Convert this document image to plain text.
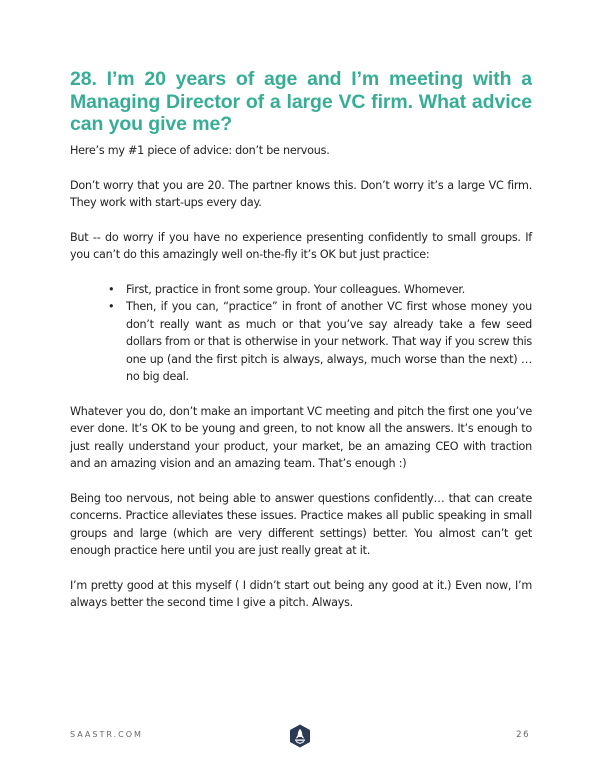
28. I’m 20 years of age and I’m meeting with a Managing Director of a large VC firm. What advice can you give me?

Here’s my #1 piece of advice: don’t be nervous.

Don’t worry that you are 20. The partner knows this. Don’t worry it’s a large VC firm. They work with start-ups every day.

But -- do worry if you have no experience presenting confidently to small groups. If you can’t do this amazingly well on-the-fly it’s OK but just practice:

• First, practice in front some group. Your colleagues. Whomever.
• Then, if you can, “practice” in front of another VC first whose money you don’t really want as much or that you’ve say already take a few seed dollars from or that is otherwise in your network. That way if you screw this one up (and the first pitch is always, always, much worse than the next) … no big deal.

Whatever you do, don’t make an important VC meeting and pitch the first one you’ve ever done. It’s OK to be young and green, to not know all the answers. It’s enough to just really understand your product, your market, be an amazing CEO with traction and an amazing vision and an amazing team. That’s enough :)

Being too nervous, not being able to answer questions confidently… that can create concerns. Practice alleviates these issues. Practice makes all public speaking in small groups and large (which are very different settings) better. You almost can’t get enough practice here until you are just really great at it.

I’m pretty good at this myself ( I didn’t start out being any good at it.) Even now, I’m always better the second time I give a pitch. Always.

SAASTR.COM	26
